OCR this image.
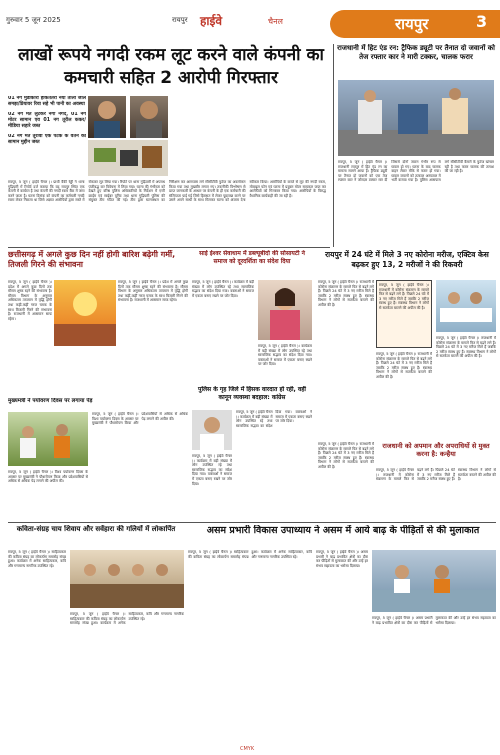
गुरुवार 5 जून 2025	रायपुर हाईवे	चैनल	रायपुर	3
लाखों रूपये नगदी रकम लूट करने वाले कंपनी का कमचारी सहित 2 आरोपी गिरफ्तार
01 नग मुडीकारी हॉकतंतरी नया ताला जाल समझ/प्रियावर रिवा सहे भी पानी का अवस्था
02 नग मत लुटकरे नगा नगद, 01 नग मोटर सामान एव 01 नग तूरील ककर/मीडिया सहारे जब्त
02 नग मत तूरीवा एक पटक के वर्तन का सामान मुद्दीन जब्त
रायपुर, 5 जून ( हाईवे चैनल )। प्रार्थी वैंकी रेड्डी ने थाना गुढ़ियारी में रिपोर्ट दर्ज कराया कि वह रायपुर स्थित एक कंपनी में कार्यरत है तथा कंपनी की नगदी रकम बैंक में जमा करने जाता है। घटना दिनांक को कंपनी का कर्मचारी नगदी रकम लेकर निकला था जिसे अज्ञात आरोपियों द्वारा रास्ते में रोककर लूट लिया गया। रिपोर्ट पर थाना गुढ़ियारी में अपराध पंजीबद्ध कर विवेचना में लिया गया। घटना की गंभीरता को देखते हुए वरिष्ठ पुलिस अधिकारियों के निर्देशन में एन्टी क्राईम एवं साईबर यूनिट तथा थाना गुढ़ियारी पुलिस की संयुक्त टीम गठित की गई। टीम द्वारा घटनास्थल का निरीक्षण कर आसपास लगे सीसीटीवी फुटेज का अवलोकन किया गया तथा मुखबीर लगाए गए। तकनीकी विश्लेषण से प्राप्त जानकारी के आधार पर कंपनी के ही एक कर्मचारी की संलिप्तता पाई गई जिसे हिरासत में लेकर पूछताछ करने पर उसने अपने साथी के साथ मिलकर घटना को अंजाम देना स्वीकार किया। आरोपियों के कब्जे से लूट की नगदी रकम, मोबाइल फोन एवं घटना में प्रयुक्त मोटर सायकल जब्त कर आरोपियों को गिरफ्तार किया गया। आरोपियों के विरुद्ध वैधानिक कार्यवाही की जा रही है।
राजधानी में हिट एंड रन: ट्रैफिक ड्यूटी पर तैनात दो जवानों को तेज रफ्तार कार ने मारी टक्कर, चालक फरार
रायपुर, 5 जून ( हाईवे चैनल )। राजधानी रायपुर में हिट एंड रन का मामला सामने आया है। ट्रैफिक ड्यूटी पर तैनात दो जवानों को एक तेज रफ्तार कार ने जोरदार टक्कर मार दी जिससे दोनों जवान गंभीर रूप से घायल हो गए। घटना के बाद चालक वाहन लेकर मौके से फरार हो गया। घायल जवानों को तत्काल अस्पताल में भर्ती कराया गया है। पुलिस आसपास लगे सीसीटीवी कैमरों के फुटेज खंगाल रही है तथा फरार चालक की तलाश की जा रही है।
छत्तीसगढ़ में अगले कुछ दिन नहीं होगी बारिश बढ़ेगी गर्मी, तिजली गिरने की संभावना
रायपुर, 5 जून ( हाईवे चैनल )। प्रदेश में अगले कुछ दिनों तक मौसम शुष्क रहने की संभावना है। मौसम विभाग के अनुसार अधिकतम तापमान में वृद्धि होगी तथा कहीं-कहीं गरज चमक के साथ बिजली गिरने की संभावना है। राजधानी में आसमान साफ रहेगा।
रायपुर, 5 जून ( हाईवे चैनल )। प्रदेश में अगले कुछ दिनों तक मौसम शुष्क रहने की संभावना है। मौसम विभाग के अनुसार अधिकतम तापमान में वृद्धि होगी तथा कहीं-कहीं गरज चमक के साथ बिजली गिरने की संभावना है। राजधानी में आसमान साफ रहेगा।
मुख्यमंत्री ने पर्यावरण दिवस पर लगाया पेड़
रायपुर, 5 जून ( हाईवे चैनल )। विश्व पर्यावरण दिवस के अवसर पर मुख्यमंत्री ने पौधारोपण किया और प्रदेशवासियों से अधिक से अधिक पेड़ लगाने की अपील की।
रायपुर, 5 जून ( हाईवे चैनल )। विश्व पर्यावरण दिवस के अवसर पर मुख्यमंत्री ने पौधारोपण किया और प्रदेशवासियों से अधिक से अधिक पेड़ लगाने की अपील की।
साई ईश्वर सेवाधाम में डब्ल्यूबीदो की सोसायटी ने समाज को दूरदर्शिता का संदेश दिया
रायपुर, 5 जून ( हाईवे चैनल )। कार्यक्रम में बड़ी संख्या में लोग उपस्थित रहे तथा सामाजिक सद्भाव का संदेश दिया गया। वक्ताओं ने समाज में एकता बनाए रखने पर जोर दिया।
रायपुर, 5 जून ( हाईवे चैनल )। कार्यक्रम में बड़ी संख्या में लोग उपस्थित रहे तथा सामाजिक सद्भाव का संदेश दिया गया। वक्ताओं ने समाज में एकता बनाए रखने पर जोर दिया।
पुलिस के गृह जिले में हिंसक वारदात हो रही, वहीं कानून व्यवस्था बदहाल: कांग्रेस
रायपुर, 5 जून ( हाईवे चैनल )। कार्यक्रम में बड़ी संख्या में लोग उपस्थित रहे तथा सामाजिक सद्भाव का संदेश दिया गया। वक्ताओं ने समाज में एकता बनाए रखने पर जोर दिया।
रायपुर, 5 जून ( हाईवे चैनल )। कार्यक्रम में बड़ी संख्या में लोग उपस्थित रहे तथा सामाजिक सद्भाव का संदेश दिया गया। वक्ताओं ने समाज में एकता बनाए रखने पर जोर दिया।
रायपुर में 24 घंटे में मिले 3 नए कोरोना मरीज, एक्टिव केस बढ़कर हुए 13, 2 मरीजों ने की रिकवरी
रायपुर, 5 जून ( हाईवे चैनल )। राजधानी में कोरोना संक्रमण के मामले फिर से बढ़ने लगे हैं। पिछले 24 घंटे में 3 नए मरीज मिले हैं जबकि 2 मरीज स्वस्थ हुए हैं। स्वास्थ्य विभाग ने लोगों से सतर्कता बरतने की अपील की है।
रायपुर, 5 जून ( हाईवे चैनल )। राजधानी में कोरोना संक्रमण के मामले फिर से बढ़ने लगे हैं। पिछले 24 घंटे में 3 नए मरीज मिले हैं जबकि 2 मरीज स्वस्थ हुए हैं। स्वास्थ्य विभाग ने लोगों से सतर्कता बरतने की अपील की है।
रायपुर, 5 जून ( हाईवे चैनल )। राजधानी में कोरोना संक्रमण के मामले फिर से बढ़ने लगे हैं। पिछले 24 घंटे में 3 नए मरीज मिले हैं जबकि 2 मरीज स्वस्थ हुए हैं। स्वास्थ्य विभाग ने लोगों से सतर्कता बरतने की अपील की है।
रायपुर, 5 जून ( हाईवे चैनल )। राजधानी में कोरोना संक्रमण के मामले फिर से बढ़ने लगे हैं। पिछले 24 घंटे में 3 नए मरीज मिले हैं जबकि 2 मरीज स्वस्थ हुए हैं। स्वास्थ्य विभाग ने लोगों से सतर्कता बरतने की अपील की है।
राजधानी को अपमान और अपराधियों से मुक्त करना है: कन्हैया
रायपुर, 5 जून ( हाईवे चैनल )। राजधानी में कोरोना संक्रमण के मामले फिर से बढ़ने लगे हैं। पिछले 24 घंटे में 3 नए मरीज मिले हैं जबकि 2 मरीज स्वस्थ हुए हैं। स्वास्थ्य विभाग ने लोगों से सतर्कता बरतने की अपील की है।
रायपुर, 5 जून ( हाईवे चैनल )। राजधानी में कोरोना संक्रमण के मामले फिर से बढ़ने लगे हैं। पिछले 24 घंटे में 3 नए मरीज मिले हैं जबकि 2 मरीज स्वस्थ हुए हैं। स्वास्थ्य विभाग ने लोगों से सतर्कता बरतने की अपील की है।
कविता-संग्रह चाय शिवाय और सर्वेहारा की गलियों में लोकार्पित
रायपुर, 5 जून ( हाईवे चैनल )। साहित्यकार की कविता संग्रह का लोकार्पण समारोह संपन्न हुआ। कार्यक्रम में अनेक साहित्यकार, कवि और गणमान्य नागरिक उपस्थित रहे।
रायपुर, 5 जून ( हाईवे चैनल )। साहित्यकार की कविता संग्रह का लोकार्पण समारोह संपन्न हुआ। कार्यक्रम में अनेक साहित्यकार, कवि और गणमान्य नागरिक उपस्थित रहे।
रायपुर, 5 जून ( हाईवे चैनल )। साहित्यकार की कविता संग्रह का लोकार्पण समारोह संपन्न हुआ। कार्यक्रम में अनेक साहित्यकार, कवि और गणमान्य नागरिक उपस्थित रहे।
असम प्रभारी विकास उपाध्याय ने असम में आये बाढ़ के पीड़ितों से की मुलाकात
रायपुर, 5 जून ( हाईवे चैनल )। असम प्रभारी ने बाढ़ प्रभावित क्षेत्रों का दौरा कर पीड़ितों से मुलाकात की और उन्हें हर संभव सहायता का भरोसा दिलाया।
रायपुर, 5 जून ( हाईवे चैनल )। असम प्रभारी ने बाढ़ प्रभावित क्षेत्रों का दौरा कर पीड़ितों से मुलाकात की और उन्हें हर संभव सहायता का भरोसा दिलाया।
CMYK
